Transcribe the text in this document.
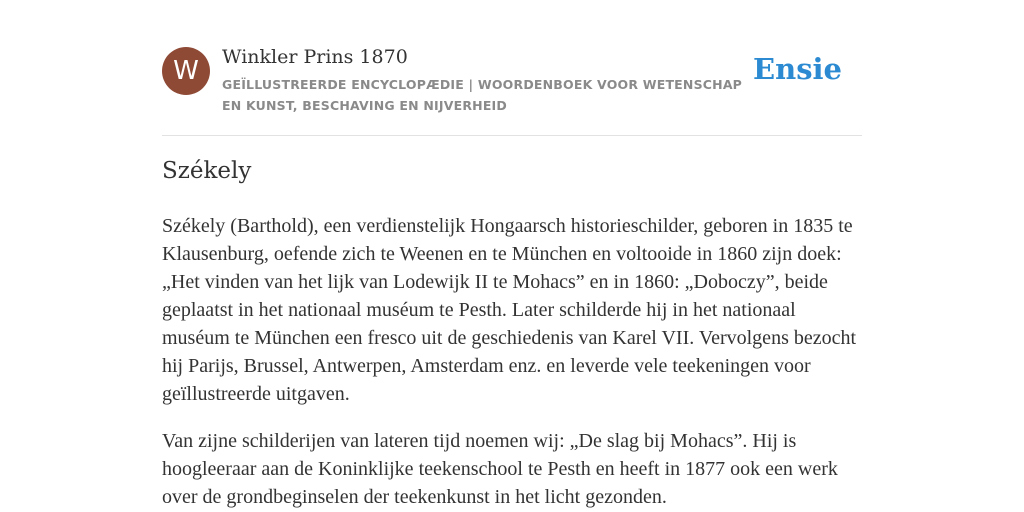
W	Winkler Prins 1870
GEÏLLUSTREERDE ENCYCLOPÆDIE | WOORDENBOEK VOOR WETENSCHAP EN KUNST, BESCHAVING EN NIJVERHEID
Ensie
Székely

Székely (Barthold), een verdienstelijk Hongaarsch historieschilder, geboren in 1835 te Klausenburg, oefende zich te Weenen en te München en voltooide in 1860 zijn doek: „Het vinden van het lijk van Lodewijk II te Mohacs” en in 1860: „Doboczy”, beide geplaatst in het nationaal muséum te Pesth. Later schilderde hij in het nationaal muséum te München een fresco uit de geschiedenis van Karel VII. Vervolgens bezocht hij Parijs, Brussel, Antwerpen, Amsterdam enz. en leverde vele teekeningen voor geïllustreerde uitgaven.

Van zijne schilderijen van lateren tijd noemen wij: „De slag bij Mohacs”. Hij is hoogleeraar aan de Koninklijke teekenschool te Pesth en heeft in 1877 ook een werk over de grondbeginselen der teekenkunst in het licht gezonden.
